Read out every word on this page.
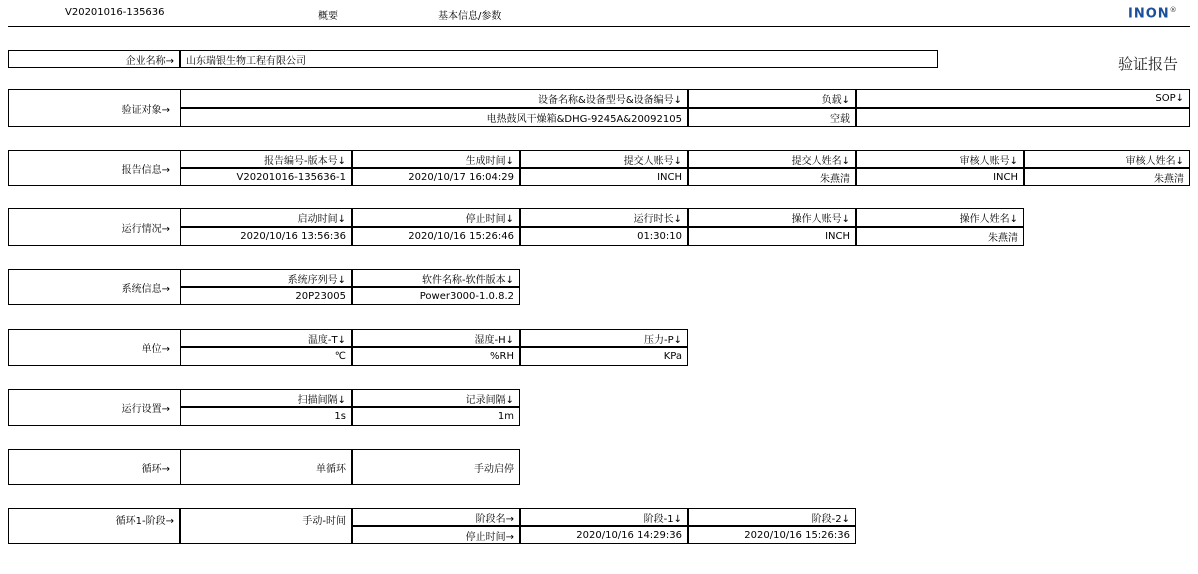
V20201016-135636	概要	基本信息/参数	INON®
验证报告
企业名称→	山东瑞银生物工程有限公司
验证对象→
设备名称&设备型号&设备编号↓	负载↓	SOP↓
电热鼓风干燥箱&DHG-9245A&20092105	空载
报告信息→
报告编号-版本号↓	生成时间↓	提交人账号↓	提交人姓名↓	审核人账号↓	审核人姓名↓
V20201016-135636-1	2020/10/17 16:04:29	INCH	朱燕清	INCH	朱燕清
运行情况→
启动时间↓	停止时间↓	运行时长↓	操作人账号↓	操作人姓名↓
2020/10/16 13:56:36	2020/10/16 15:26:46	01:30:10	INCH	朱燕清
系统信息→
系统序列号↓	软件名称-软件版本↓
20P23005	Power3000-1.0.8.2
单位→
温度-T↓	湿度-H↓	压力-P↓
℃	%RH	KPa
运行设置→
扫描间隔↓	记录间隔↓
1s	1m
循环→	单循环	手动启停
循环1-阶段→	手动-时间	阶段名→	阶段-1↓	阶段-2↓
停止时间→	2020/10/16 14:29:36	2020/10/16 15:26:36
